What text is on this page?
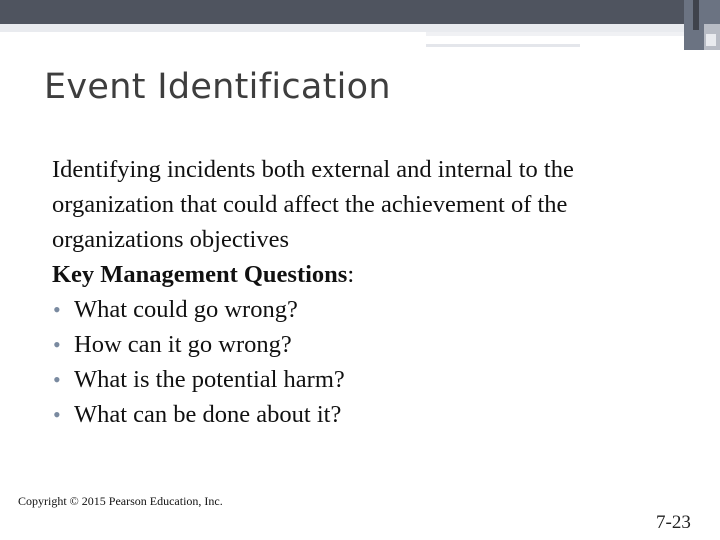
Event Identification

Identifying incidents both external and internal to the organization that could affect the achievement of the organizations objectives

Key Management Questions:

• What could go wrong?
• How can it go wrong?
• What is the potential harm?
• What can be done about it?
Copyright © 2015 Pearson Education, Inc.
7-23
